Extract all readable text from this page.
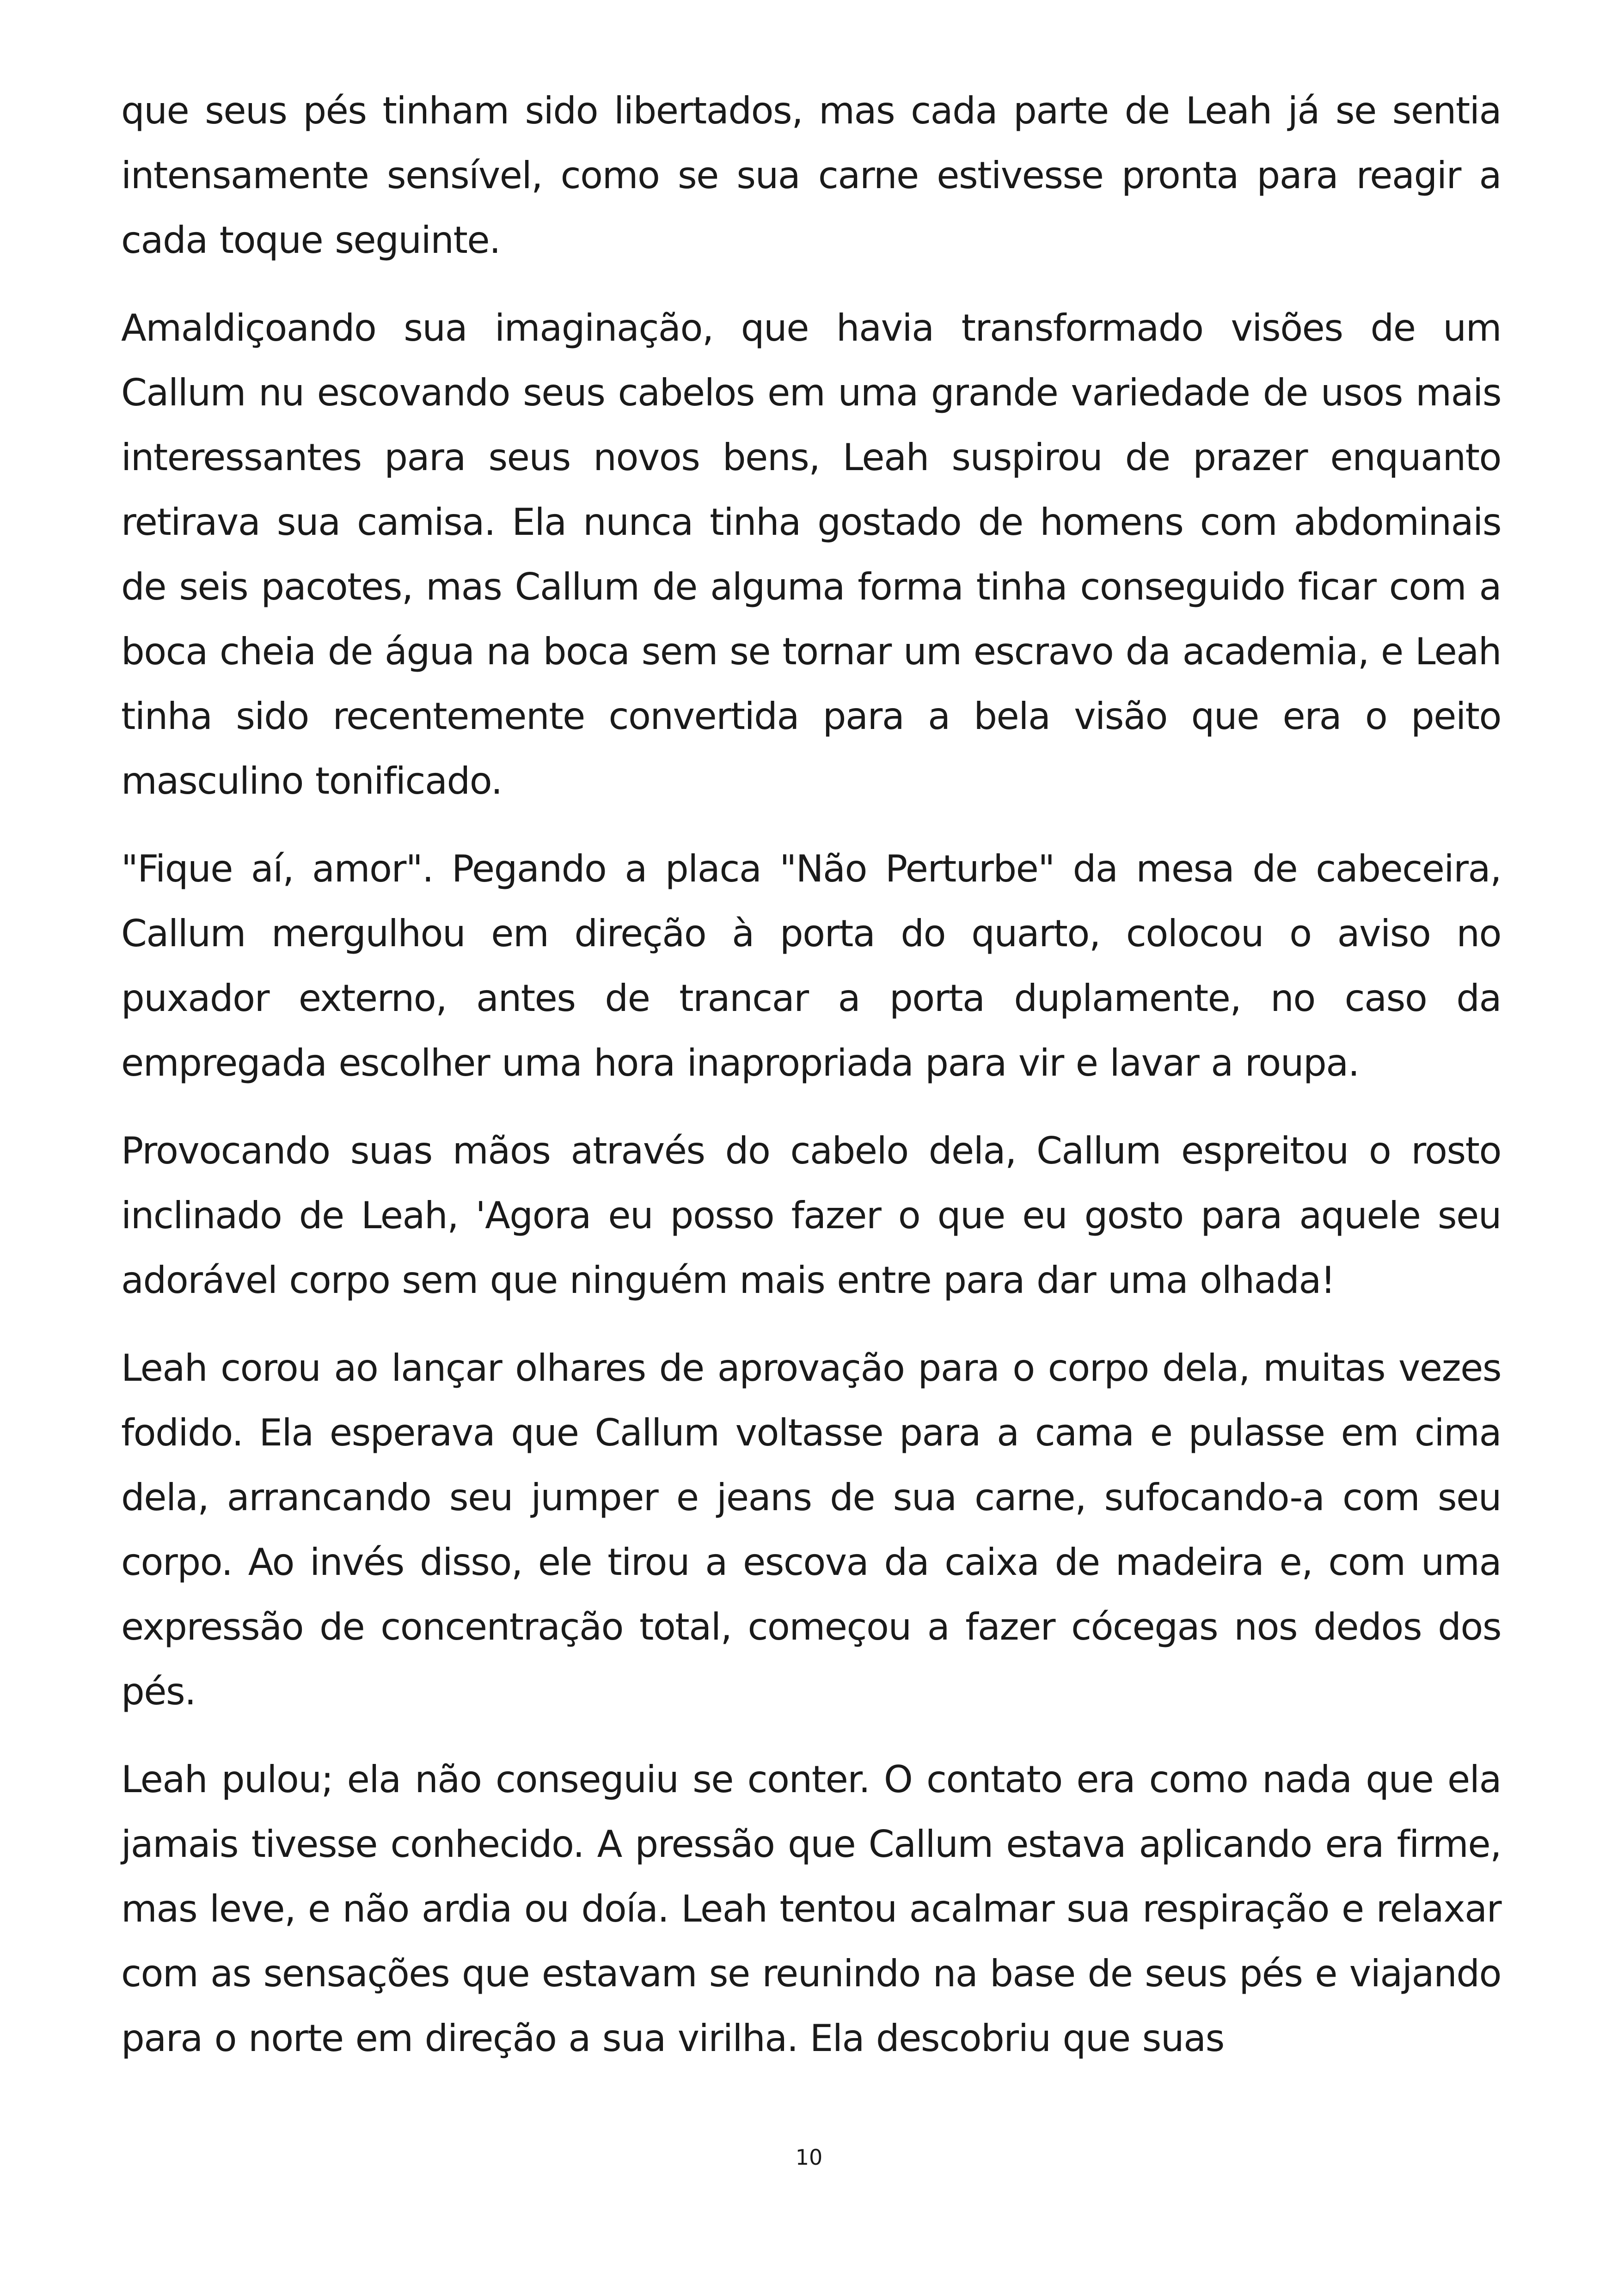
que seus pés tinham sido libertados, mas cada parte de Leah já se sentia intensamente sensível, como se sua carne estivesse pronta para reagir a cada toque seguinte.

Amaldiçoando sua imaginação, que havia transformado visões de um Callum nu escovando seus cabelos em uma grande variedade de usos mais interessantes para seus novos bens, Leah suspirou de prazer enquanto retirava sua camisa. Ela nunca tinha gostado de homens com abdominais de seis pacotes, mas Callum de alguma forma tinha conseguido ficar com a boca cheia de água na boca sem se tornar um escravo da academia, e Leah tinha sido recentemente convertida para a bela visão que era o peito masculino tonificado.

"Fique aí, amor". Pegando a placa "Não Perturbe" da mesa de cabeceira, Callum mergulhou em direção à porta do quarto, colocou o aviso no puxador externo, antes de trancar a porta duplamente, no caso da empregada escolher uma hora inapropriada para vir e lavar a roupa.

Provocando suas mãos através do cabelo dela, Callum espreitou o rosto inclinado de Leah, 'Agora eu posso fazer o que eu gosto para aquele seu adorável corpo sem que ninguém mais entre para dar uma olhada!

Leah corou ao lançar olhares de aprovação para o corpo dela, muitas vezes fodido. Ela esperava que Callum voltasse para a cama e pulasse em cima dela, arrancando seu jumper e jeans de sua carne, sufocando-a com seu corpo. Ao invés disso, ele tirou a escova da caixa de madeira e, com uma expressão de concentração total, começou a fazer cócegas nos dedos dos pés.

Leah pulou; ela não conseguiu se conter. O contato era como nada que ela jamais tivesse conhecido. A pressão que Callum estava aplicando era firme, mas leve, e não ardia ou doía. Leah tentou acalmar sua respiração e relaxar com as sensações que estavam se reunindo na base de seus pés e viajando para o norte em direção a sua virilha. Ela descobriu que suas

10
